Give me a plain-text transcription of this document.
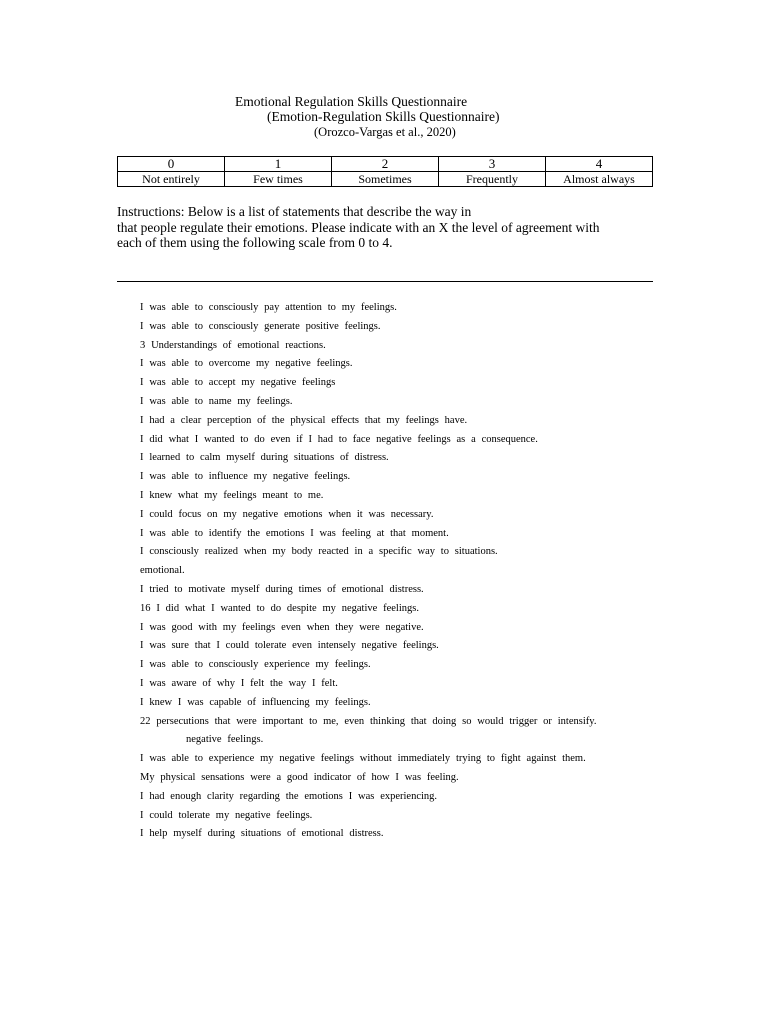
Emotional Regulation Skills Questionnaire
(Emotion-Regulation Skills Questionnaire)
(Orozco-Vargas et al., 2020)
0	1	2	3	4
Not entirely	Few times	Sometimes	Frequently	Almost always
Instructions: Below is a list of statements that describe the way in
that people regulate their emotions. Please indicate with an X the level of agreement with
each of them using the following scale from 0 to 4.
I was able to consciously pay attention to my feelings.
I was able to consciously generate positive feelings.
3 Understandings of emotional reactions.
I was able to overcome my negative feelings.
I was able to accept my negative feelings
I was able to name my feelings.
I had a clear perception of the physical effects that my feelings have.
I did what I wanted to do even if I had to face negative feelings as a consequence.
I learned to calm myself during situations of distress.
I was able to influence my negative feelings.
I knew what my feelings meant to me.
I could focus on my negative emotions when it was necessary.
I was able to identify the emotions I was feeling at that moment.
I consciously realized when my body reacted in a specific way to situations.
emotional.
I tried to motivate myself during times of emotional distress.
16 I did what I wanted to do despite my negative feelings.
I was good with my feelings even when they were negative.
I was sure that I could tolerate even intensely negative feelings.
I was able to consciously experience my feelings.
I was aware of why I felt the way I felt.
I knew I was capable of influencing my feelings.
22 persecutions that were important to me, even thinking that doing so would trigger or intensify.
negative feelings.
I was able to experience my negative feelings without immediately trying to fight against them.
My physical sensations were a good indicator of how I was feeling.
I had enough clarity regarding the emotions I was experiencing.
I could tolerate my negative feelings.
I help myself during situations of emotional distress.
